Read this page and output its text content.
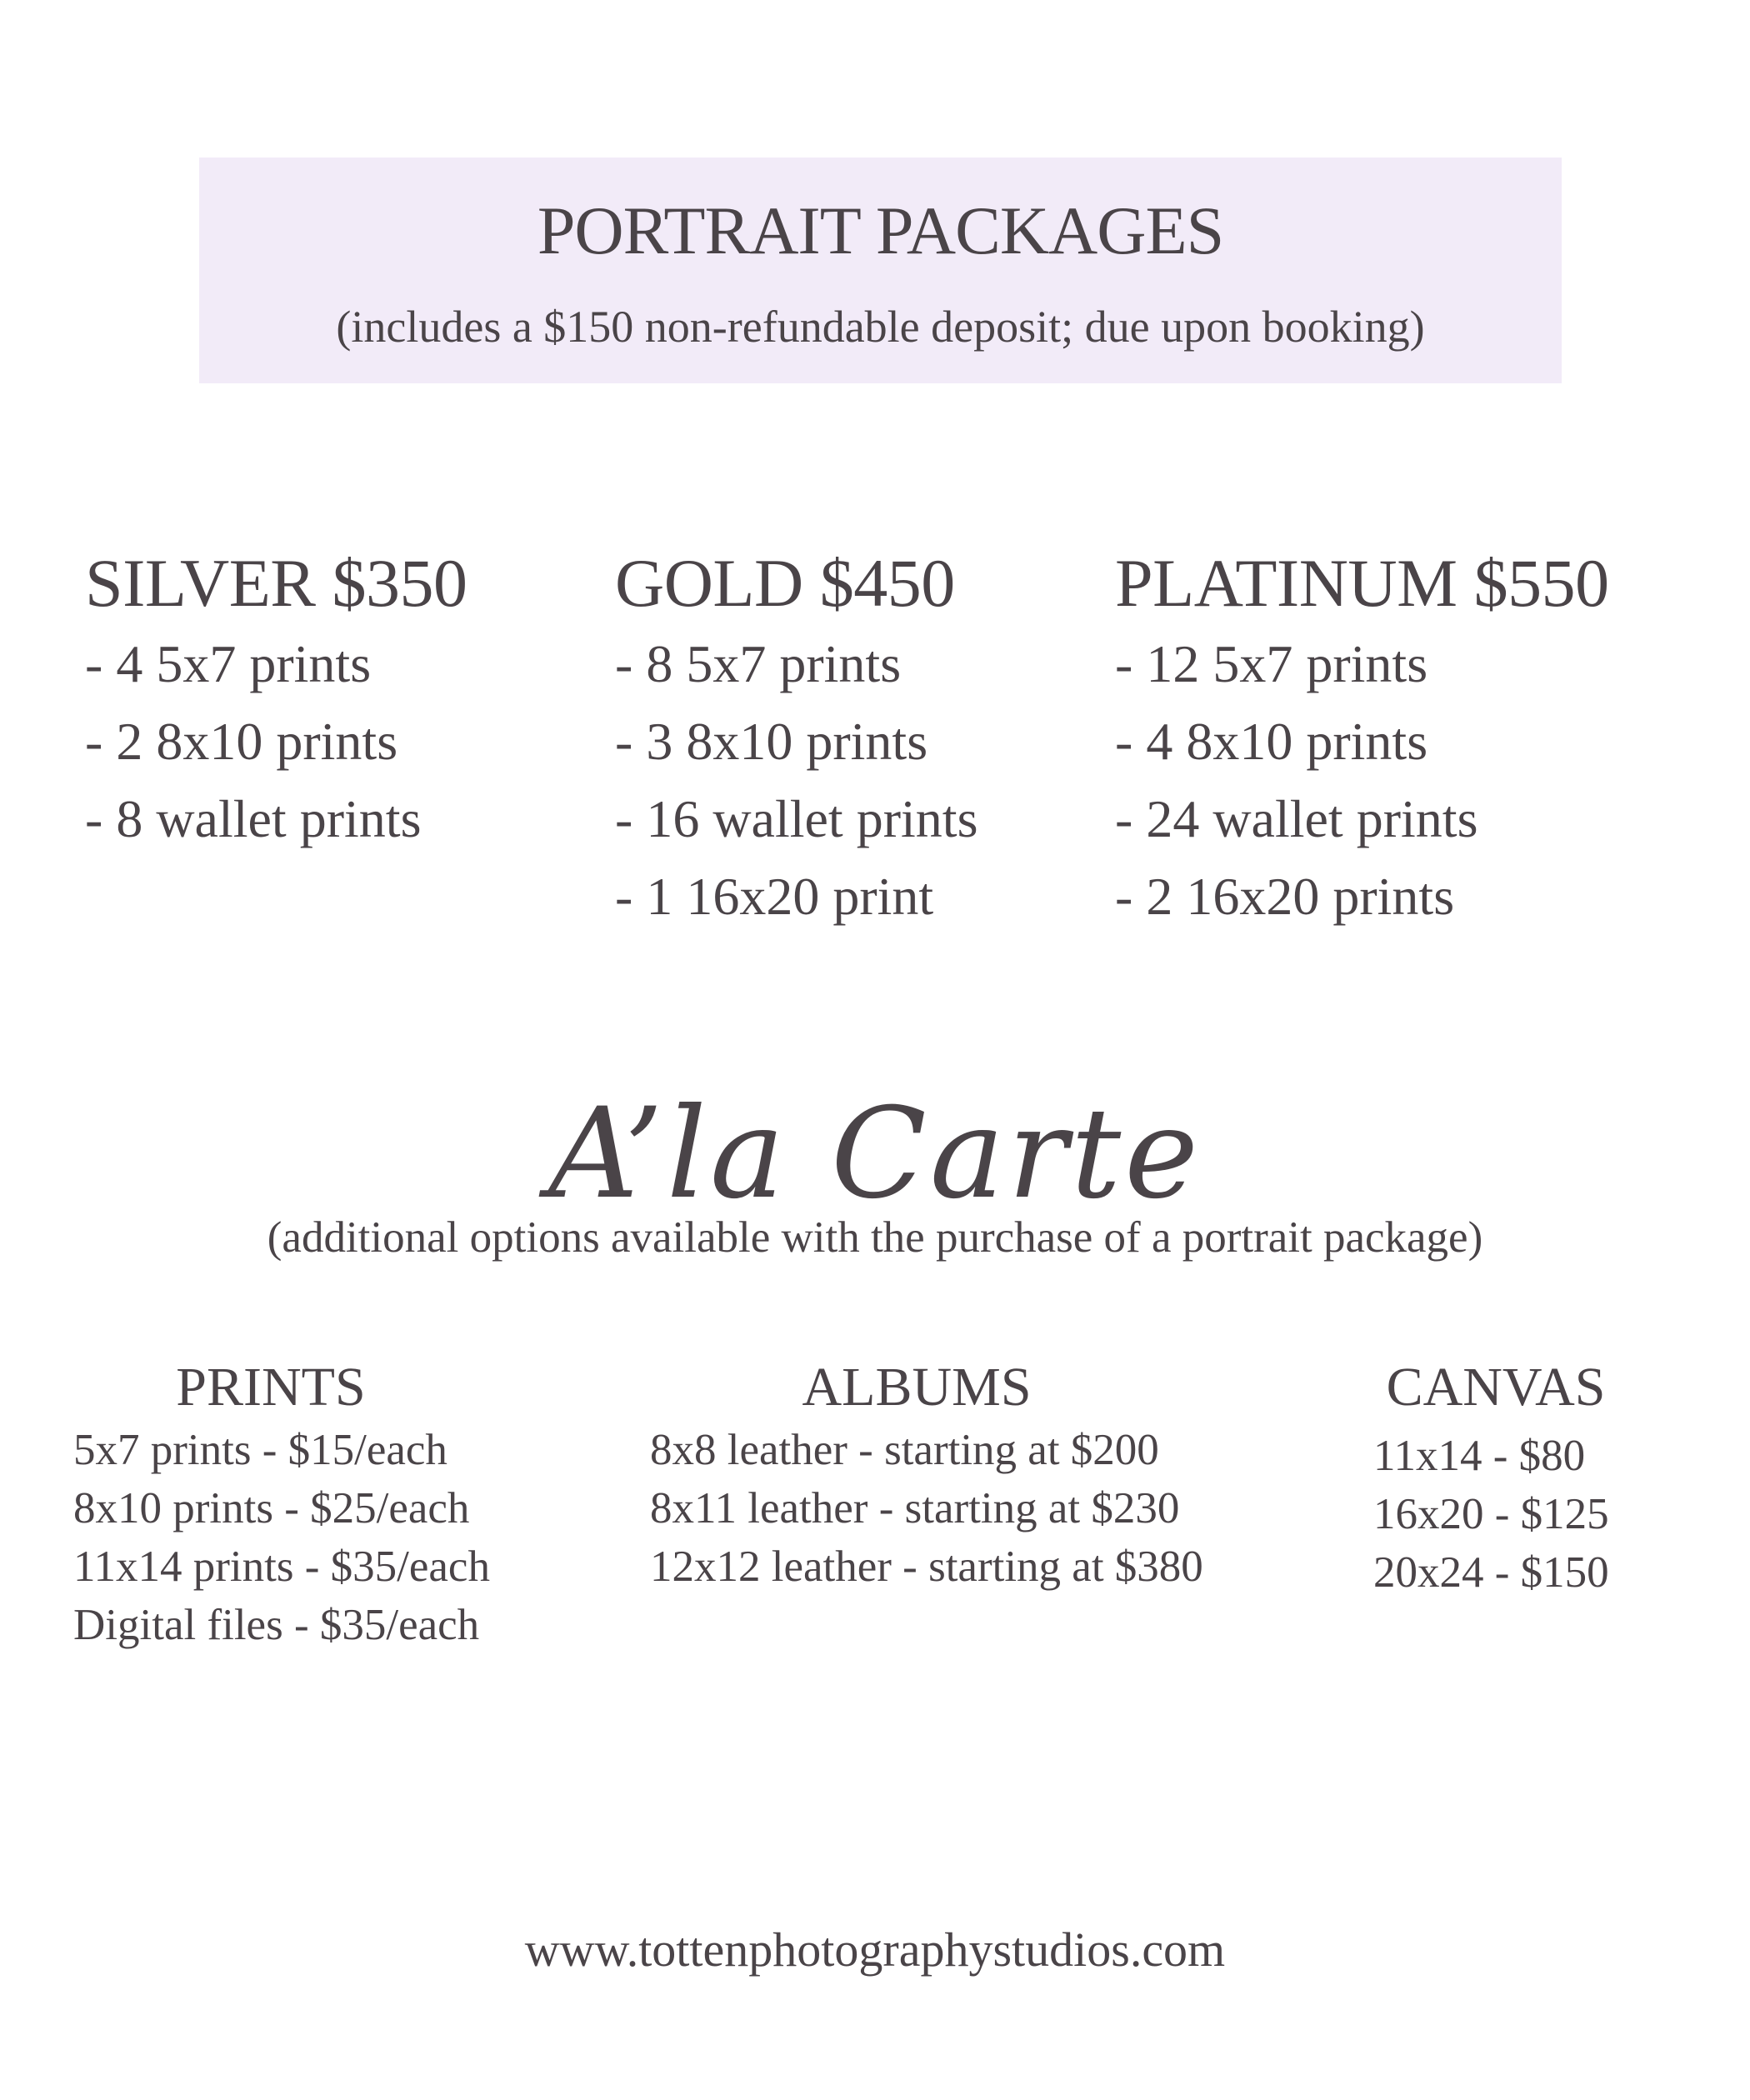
PORTRAIT PACKAGES
(includes a $150 non-refundable deposit; due upon booking)
SILVER $350
- 4 5x7 prints
- 2 8x10 prints
- 8 wallet prints
GOLD $450
- 8 5x7 prints
- 3 8x10 prints
- 16 wallet prints
- 1 16x20 print
PLATINUM $550
- 12 5x7 prints
- 4 8x10 prints
- 24 wallet prints
- 2 16x20 prints
A’la Carte
(additional options available with the purchase of a portrait package)
PRINTS
5x7 prints - $15/each
8x10 prints - $25/each
11x14 prints - $35/each
Digital files - $35/each
ALBUMS
8x8 leather - starting at $200
8x11 leather - starting at $230
12x12 leather - starting at $380
CANVAS
11x14 - $80
16x20 - $125
20x24 - $150
www.tottenphotographystudios.com
